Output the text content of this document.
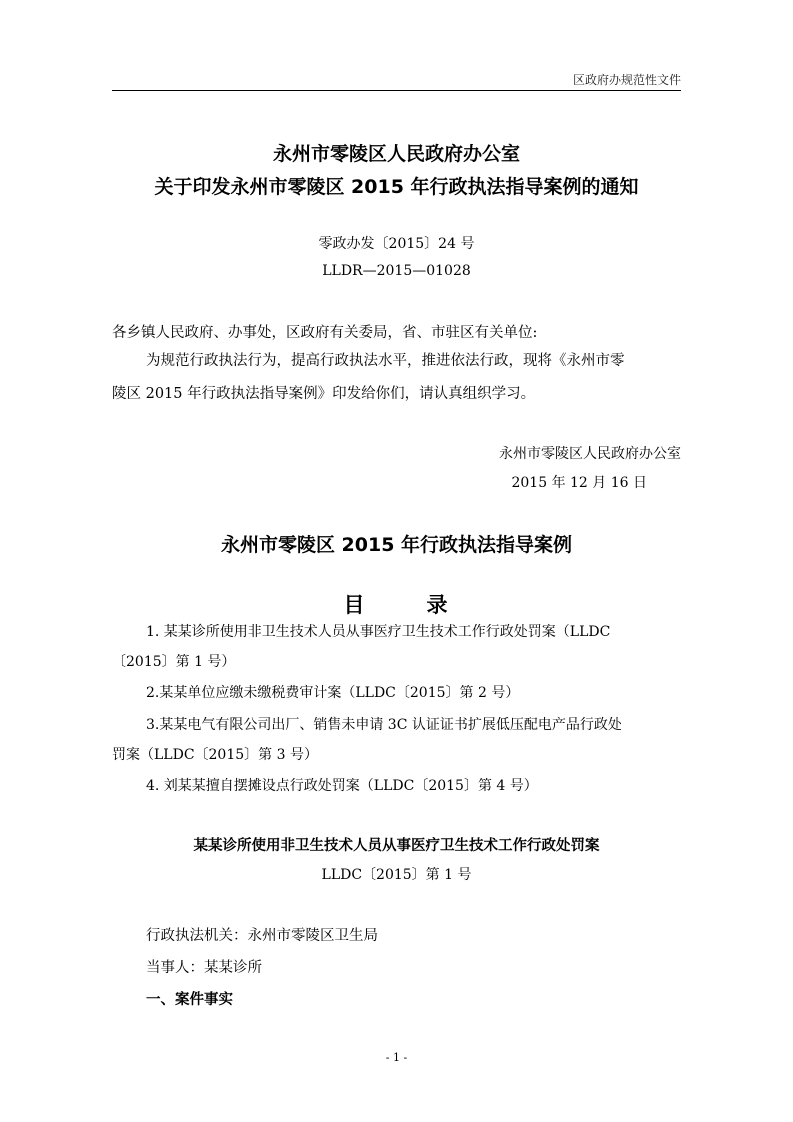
区政府办规范性文件
永州市零陵区人民政府办公室
关于印发永州市零陵区 2015 年行政执法指导案例的通知
零政办发〔2015〕24 号
LLDR—2015—01028
各乡镇人民政府、办事处，区政府有关委局，省、市驻区有关单位:
为规范行政执法行为，提高行政执法水平，推进依法行政，现将《永州市零
陵区 2015 年行政执法指导案例》印发给你们，请认真组织学习。
永州市零陵区人民政府办公室
2015 年 12 月 16 日
永州市零陵区 2015 年行政执法指导案例
目	录
1. 某某诊所使用非卫生技术人员从事医疗卫生技术工作行政处罚案（LLDC
〔2015〕第 1 号）
2.某某单位应缴未缴税费审计案（LLDC〔2015〕第 2 号）
3.某某电气有限公司出厂、销售未申请 3C 认证证书扩展低压配电产品行政处
罚案（LLDC〔2015〕第 3 号）
4. 刘某某擅自摆摊设点行政处罚案（LLDC〔2015〕第 4 号）
某某诊所使用非卫生技术人员从事医疗卫生技术工作行政处罚案
LLDC〔2015〕第 1 号
行政执法机关：永州市零陵区卫生局
当事人：某某诊所
一、案件事实
- 1 -
